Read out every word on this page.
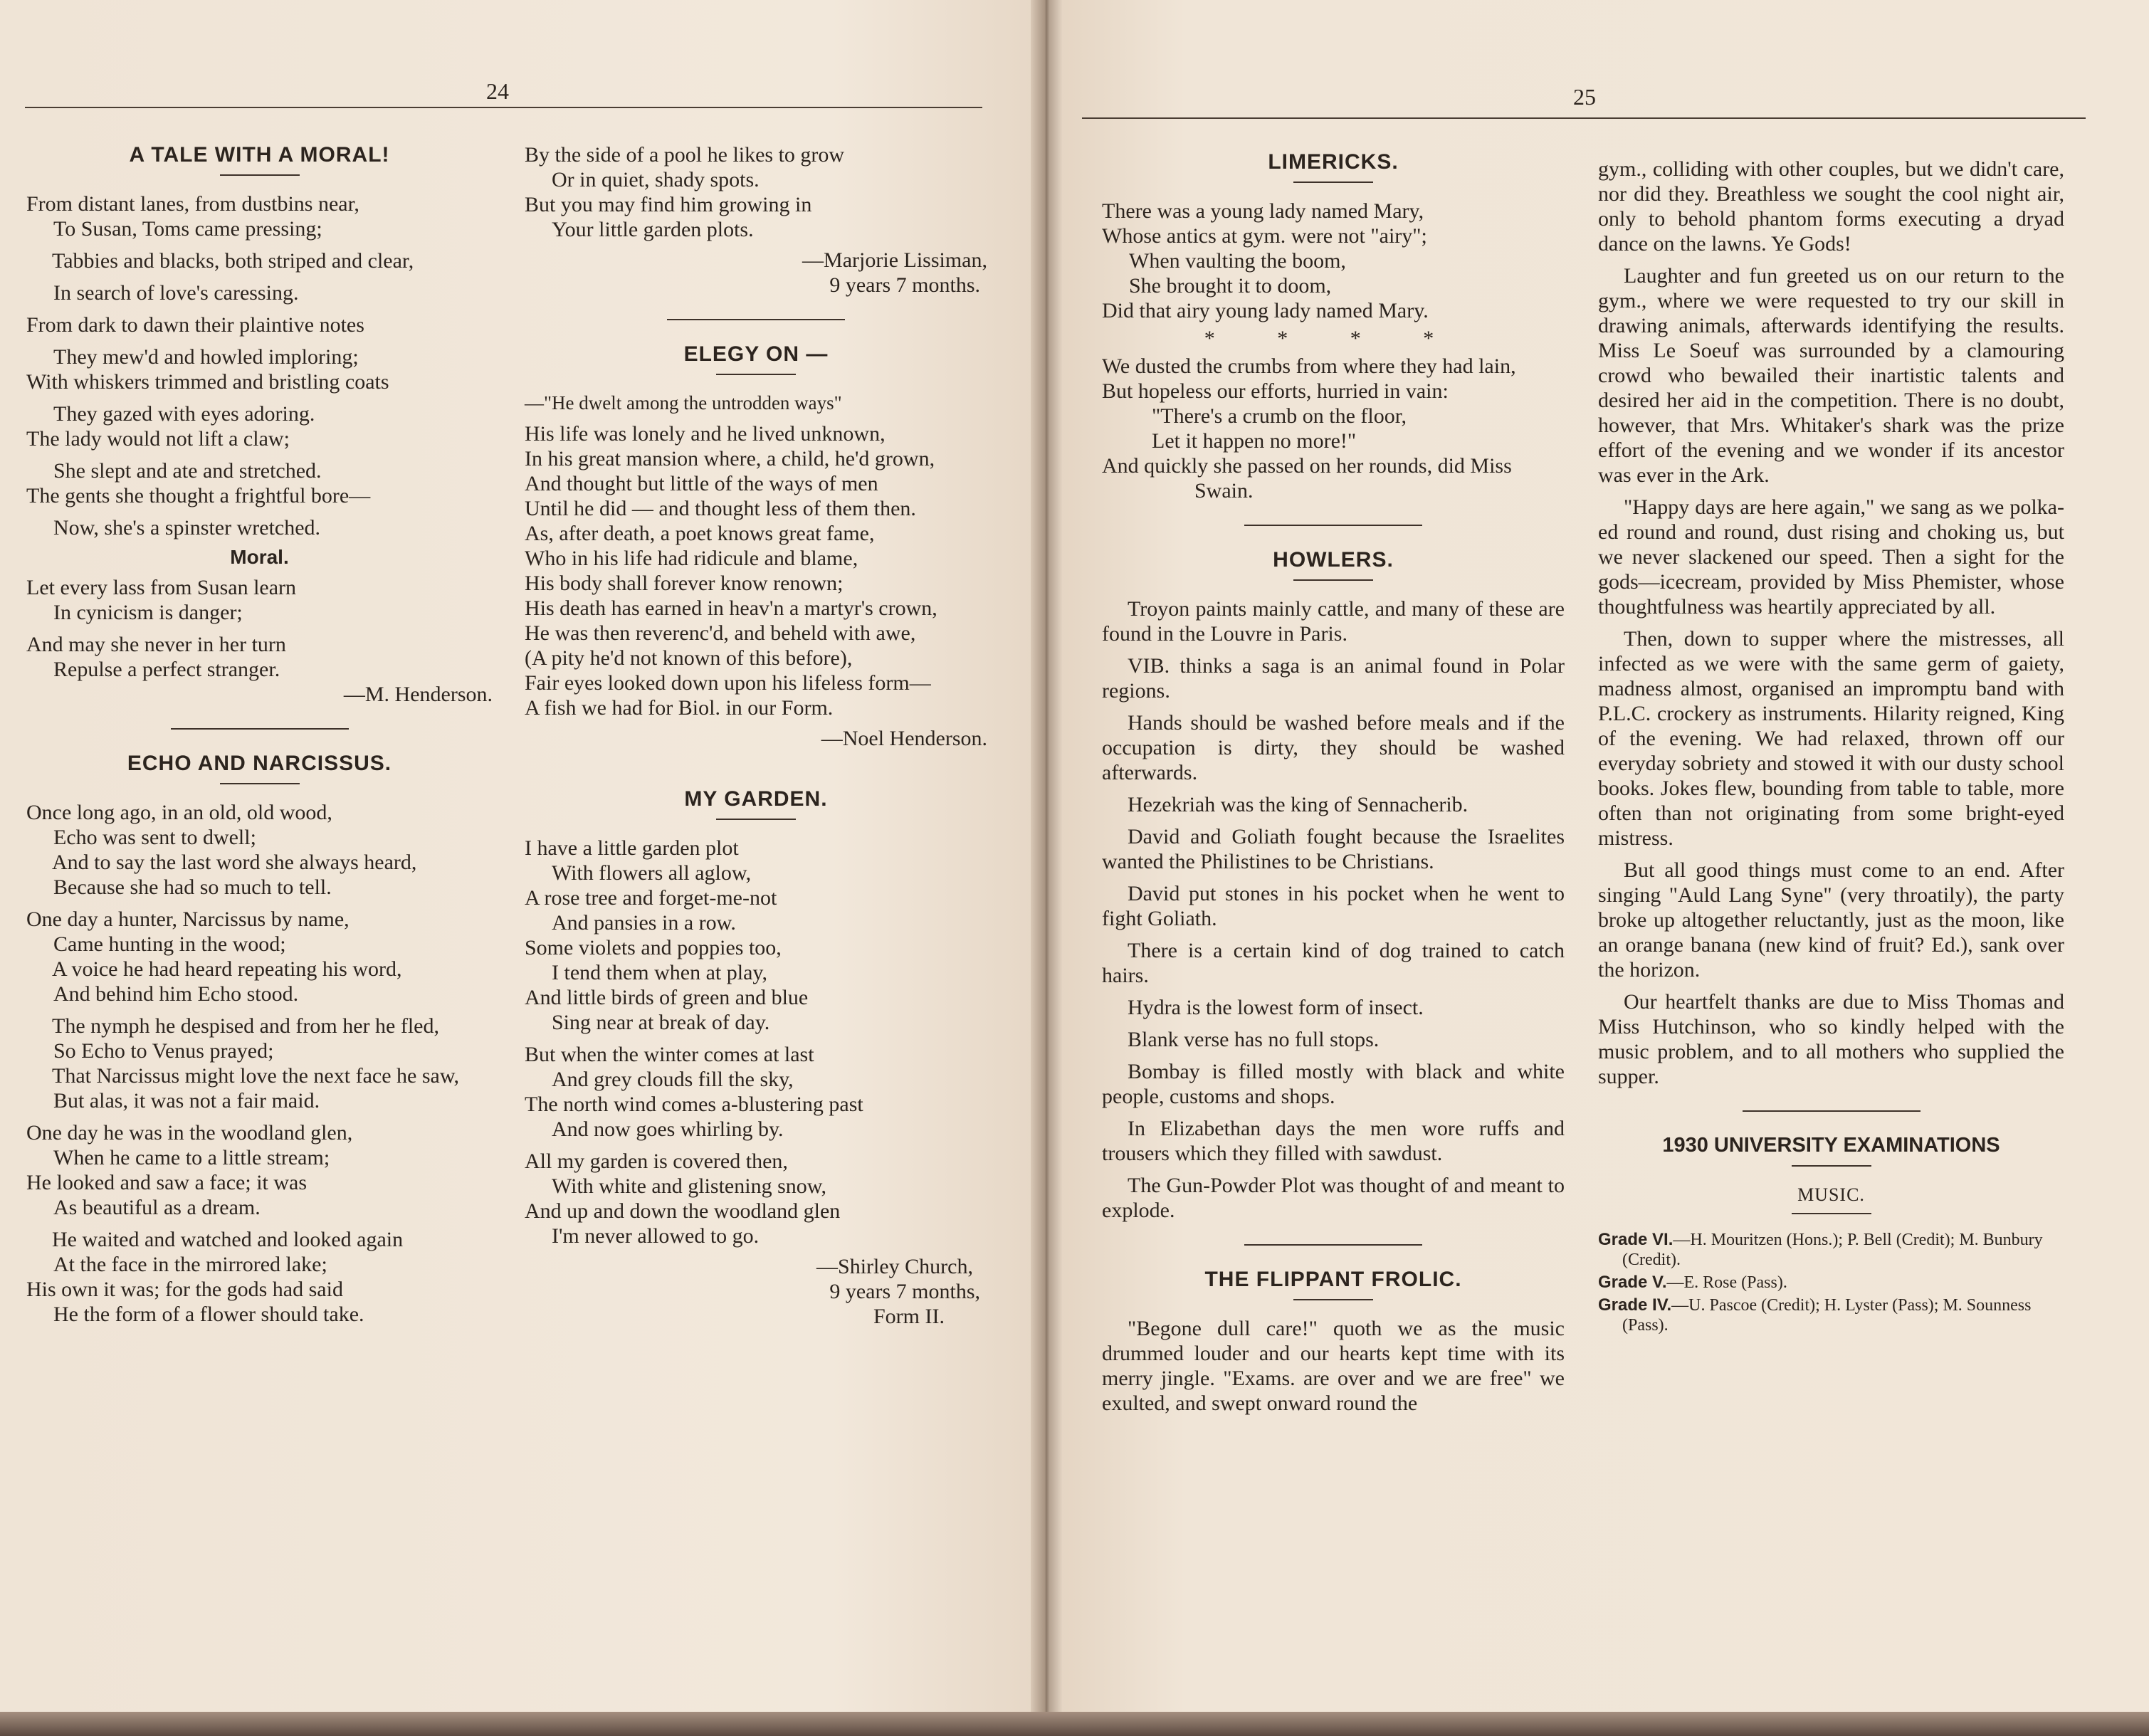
24
A TALE WITH A MORAL!
From distant lanes, from dustbins near,
To Susan, Toms came pressing;
Tabbies and blacks, both striped and clear,
In search of love's caressing.
From dark to dawn their plaintive notes
They mew'd and howled imploring;
With whiskers trimmed and bristling coats
They gazed with eyes adoring.
The lady would not lift a claw;
She slept and ate and stretched.
The gents she thought a frightful bore—
Now, she's a spinster wretched.
Moral.
Let every lass from Susan learn
In cynicism is danger;
And may she never in her turn
Repulse a perfect stranger.
—M. Henderson.
ECHO AND NARCISSUS.
Once long ago, in an old, old wood,
Echo was sent to dwell;
And to say the last word she always heard,
Because she had so much to tell.
One day a hunter, Narcissus by name,
Came hunting in the wood;
A voice he had heard repeating his word,
And behind him Echo stood.
The nymph he despised and from her he fled,
So Echo to Venus prayed;
That Narcissus might love the next face he saw,
But alas, it was not a fair maid.
One day he was in the woodland glen,
When he came to a little stream;
He looked and saw a face; it was
As beautiful as a dream.
He waited and watched and looked again
At the face in the mirrored lake;
His own it was; for the gods had said
He the form of a flower should take.
By the side of a pool he likes to grow
Or in quiet, shady spots.
But you may find him growing in
Your little garden plots.
—Marjorie Lissiman,
9 years 7 months.
ELEGY ON —
—"He dwelt among the untrodden ways"
His life was lonely and he lived unknown,
In his great mansion where, a child, he'd grown,
And thought but little of the ways of men
Until he did — and thought less of them then.
As, after death, a poet knows great fame,
Who in his life had ridicule and blame,
His body shall forever know renown;
His death has earned in heav'n a martyr's crown,
He was then reverenc'd, and beheld with awe,
(A pity he'd not known of this before),
Fair eyes looked down upon his lifeless form—
A fish we had for Biol. in our Form.
—Noel Henderson.
MY GARDEN.
I have a little garden plot
With flowers all aglow,
A rose tree and forget-me-not
And pansies in a row.
Some violets and poppies too,
I tend them when at play,
And little birds of green and blue
Sing near at break of day.
But when the winter comes at last
And grey clouds fill the sky,
The north wind comes a-blustering past
And now goes whirling by.
All my garden is covered then,
With white and glistening snow,
And up and down the woodland glen
I'm never allowed to go.
—Shirley Church,
9 years 7 months,
Form II.
25
LIMERICKS.
There was a young lady named Mary,
Whose antics at gym. were not "airy";
When vaulting the boom,
She brought it to doom,
Did that airy young lady named Mary.
* * * *
We dusted the crumbs from where they had lain,
But hopeless our efforts, hurried in vain:
"There's a crumb on the floor,
Let it happen no more!"
And quickly she passed on her rounds, did Miss Swain.
HOWLERS.

Troyon paints mainly cattle, and many of these are found in the Louvre in Paris.

VIB. thinks a saga is an animal found in Polar regions.

Hands should be washed before meals and if the occupation is dirty, they should be washed afterwards.

Hezekriah was the king of Sennacherib.

David and Goliath fought because the Israelites wanted the Philistines to be Christians.

David put stones in his pocket when he went to fight Goliath.

There is a certain kind of dog trained to catch hairs.

Hydra is the lowest form of insect.

Blank verse has no full stops.

Bombay is filled mostly with black and white people, customs and shops.

In Elizabethan days the men wore ruffs and trousers which they filled with sawdust.

The Gun-Powder Plot was thought of and meant to explode.

THE FLIPPANT FROLIC.

"Begone dull care!" quoth we as the music drummed louder and our hearts kept time with its merry jingle. "Exams. are over and we are free" we exulted, and swept onward round the

gym., colliding with other couples, but we didn't care, nor did they. Breathless we sought the cool night air, only to behold phantom forms executing a dryad dance on the lawns. Ye Gods!

Laughter and fun greeted us on our return to the gym., where we were requested to try our skill in drawing animals, afterwards identifying the results. Miss Le Soeuf was surrounded by a clamouring crowd who bewailed their inartistic talents and desired her aid in the competition. There is no doubt, however, that Mrs. Whitaker's shark was the prize effort of the evening and we wonder if its ancestor was ever in the Ark.

"Happy days are here again," we sang as we polka-ed round and round, dust rising and choking us, but we never slackened our speed. Then a sight for the gods—icecream, provided by Miss Phemister, whose thoughtfulness was heartily appreciated by all.

Then, down to supper where the mistresses, all infected as we were with the same germ of gaiety, madness almost, organised an impromptu band with P.L.C. crockery as instruments. Hilarity reigned, King of the evening. We had relaxed, thrown off our everyday sobriety and stowed it with our dusty school books. Jokes flew, bounding from table to table, more often than not originating from some bright-eyed mistress.

But all good things must come to an end. After singing "Auld Lang Syne" (very throatily), the party broke up altogether reluctantly, just as the moon, like an orange banana (new kind of fruit? Ed.), sank over the horizon.

Our heartfelt thanks are due to Miss Thomas and Miss Hutchinson, who so kindly helped with the music problem, and to all mothers who supplied the supper.

1930 UNIVERSITY EXAMINATIONS
MUSIC.
Grade VI.—H. Mouritzen (Hons.); P. Bell (Credit); M. Bunbury (Credit).
Grade V.—E. Rose (Pass).
Grade IV.—U. Pascoe (Credit); H. Lyster (Pass); M. Sounness (Pass).
